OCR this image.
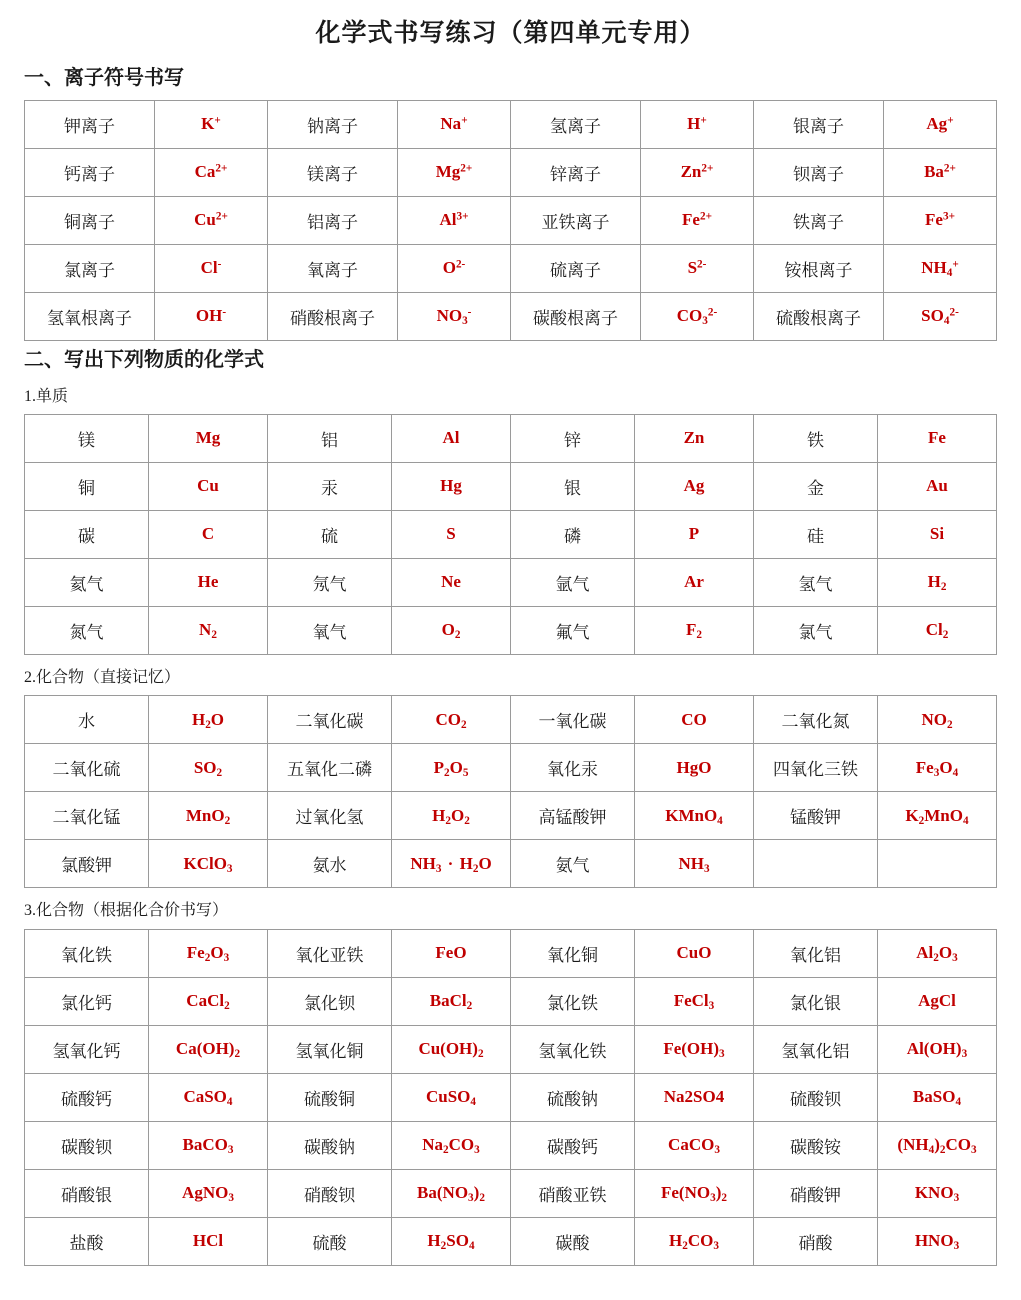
化学式书写练习（第四单元专用）
一、离子符号书写
钾离子	K+	钠离子	Na+	氢离子	H+	银离子	Ag+
钙离子	$Ca^{2+}$	镁离子	$Mg^{2+}$	锌离子	$Zn^{2+}$	钡离子	$Ba^{2+}$
铜离子	$Cu^{2+}$	铝离子	$Al^{3+}$	亚铁离子	$Fe^{2+}$	铁离子	$Fe^{3+}$
氯离子	Cl-	氧离子	$O^{2-}$	硫离子	$S^{2-}$	铵根离子	$NH_4^+$
氢氧根离子	OH-	硝酸根离子	$NO_3^-$	碳酸根离子	$CO_3^{2-}$	硫酸根离子	$SO_4^{2-}$
二、写出下列物质的化学式
1.单质
镁	Mg	铝	Al	锌	Zn	铁	Fe
铜	Cu	汞	Hg	银	Ag	金	Au
碳	C	硫	S	磷	P	硅	Si
氦气	He	氖气	Ne	氩气	Ar	氢气	$H_2$
氮气	$N_2$	氧气	$O_2$	氟气	$F_2$	氯气	$Cl_2$
2.化合物（直接记忆）
水	$H_2O$	二氧化碳	$CO_2$	一氧化碳	CO	二氧化氮	$NO_2$
二氧化硫	$SO_2$	五氧化二磷	$P_2O_5$	氧化汞	HgO	四氧化三铁	$Fe_3O_4$
二氧化锰	MnO$_2$	过氧化氢	$H_2O_2$	高锰酸钾	KMnO$_4$	锰酸钾	$K_2MnO_4$
氯酸钾	KClO$_3$	氨水	$NH_3 \cdot H_2O$	氨气	$NH_3$		
3.化合物（根据化合价书写）
氧化铁	$Fe_2O_3$	氧化亚铁	FeO	氧化铜	CuO	氧化铝	$Al_2O_3$
氯化钙	CaCl$_2$	氯化钡	BaCl$_2$	氯化铁	FeCl$_3$	氯化银	AgCl
氢氧化钙	$Ca(OH)_2$	氢氧化铜	$Cu(OH)_2$	氢氧化铁	$Fe(OH)_3$	氢氧化铝	$Al(OH)_3$
硫酸钙	CaSO$_4$	硫酸铜	CuSO$_4$	硫酸钠	Na2SO4	硫酸钡	BaSO$_4$
碳酸钡	BaCO$_3$	碳酸钠	$Na_2CO_3$	碳酸钙	CaCO$_3$	碳酸铵	$(NH_4)_2CO_3$
硝酸银	AgNO$_3$	硝酸钡	$Ba(NO_3)_2$	硝酸亚铁	$Fe(NO_3)_2$	硝酸钾	$KNO_3$
盐酸	HCl	硫酸	$H_2SO_4$	碳酸	$H_2CO_3$	硝酸	$HNO_3$
